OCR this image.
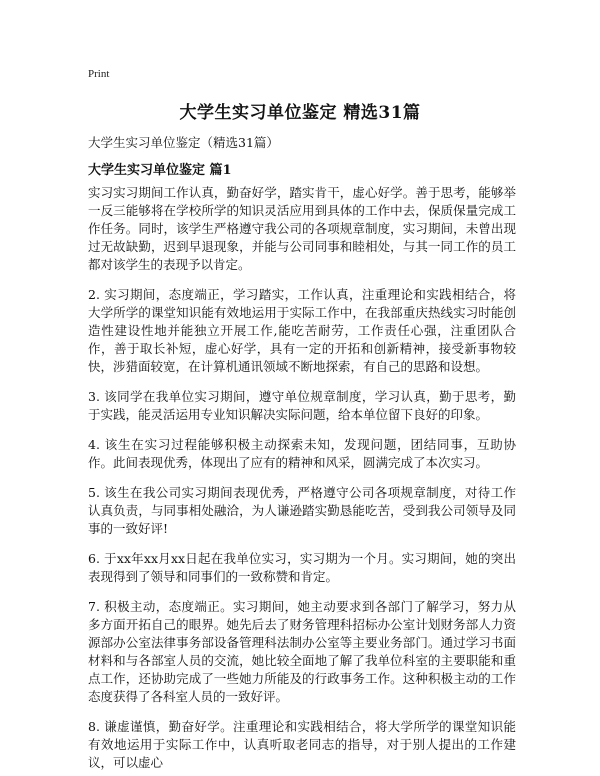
Print
大学生实习单位鉴定 精选31篇
大学生实习单位鉴定（精选31篇）
大学生实习单位鉴定 篇1

实习实习期间工作认真，勤奋好学，踏实肯干，虚心好学。善于思考，能够举一反三能够将在学校所学的知识灵活应用到具体的工作中去，保质保量完成工作任务。同时，该学生严格遵守我公司的各项规章制度，实习期间，未曾出现过无故缺勤，迟到早退现象，并能与公司同事和睦相处，与其一同工作的员工都对该学生的表现予以肯定。

2. 实习期间，态度端正，学习踏实，工作认真，注重理论和实践相结合，将大学所学的课堂知识能有效地运用于实际工作中，在我部重庆热线实习时能创造性建设性地并能独立开展工作,能吃苦耐劳，工作责任心强，注重团队合作，善于取长补短，虚心好学，具有一定的开拓和创新精神，接受新事物较快，涉猎面较宽，在计算机通讯领域不断地探索，有自己的思路和设想。

3. 该同学在我单位实习期间，遵守单位规章制度，学习认真，勤于思考，勤于实践，能灵活运用专业知识解决实际问题，给本单位留下良好的印象。

4. 该生在实习过程能够积极主动探索未知，发现问题，团结同事，互助协作。此间表现优秀，体现出了应有的精神和风采，圆满完成了本次实习。

5. 该生在我公司实习期间表现优秀，严格遵守公司各项规章制度，对待工作认真负责，与同事相处融洽，为人谦逊踏实勤恳能吃苦，受到我公司领导及同事的一致好评!

6. 于xx年xx月xx日起在我单位实习，实习期为一个月。实习期间，她的突出表现得到了领导和同事们的一致称赞和肯定。

7. 积极主动，态度端正。实习期间，她主动要求到各部门了解学习，努力从多方面开拓自己的眼界。她先后去了财务管理科招标办公室计划财务部人力资源部办公室法律事务部设备管理科法制办公室等主要业务部门。通过学习书面材料和与各部室人员的交流，她比较全面地了解了我单位科室的主要职能和重点工作，还协助完成了一些她力所能及的行政事务工作。这种积极主动的工作态度获得了各科室人员的一致好评。

8. 谦虚谨慎，勤奋好学。注重理论和实践相结合，将大学所学的课堂知识能有效地运用于实际工作中，认真听取老同志的指导，对于别人提出的工作建议，可以虚心
